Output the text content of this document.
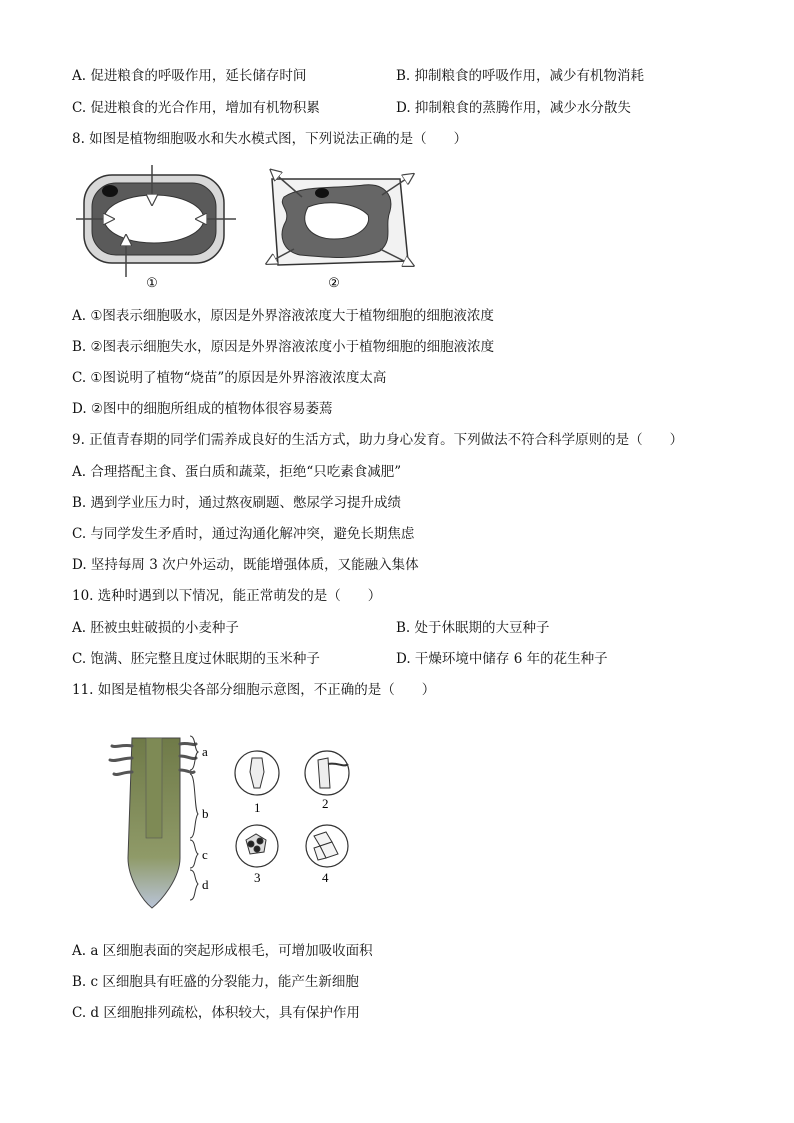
A. 促进粮食的呼吸作用，延长储存时间	B. 抑制粮食的呼吸作用，减少有机物消耗
C. 促进粮食的光合作用，增加有机物积累	D. 抑制粮食的蒸腾作用，减少水分散失
8. 如图是植物细胞吸水和失水模式图，下列说法正确的是（　　）
①	②
A. ①图表示细胞吸水，原因是外界溶液浓度大于植物细胞的细胞液浓度
B. ②图表示细胞失水，原因是外界溶液浓度小于植物细胞的细胞液浓度
C. ①图说明了植物“烧苗”的原因是外界溶液浓度太高
D. ②图中的细胞所组成的植物体很容易萎蔫
9. 正值青春期的同学们需养成良好的生活方式，助力身心发育。下列做法不符合科学原则的是（　　）
A. 合理搭配主食、蛋白质和蔬菜，拒绝“只吃素食减肥”
B. 遇到学业压力时，通过熬夜刷题、憋尿学习提升成绩
C. 与同学发生矛盾时，通过沟通化解冲突，避免长期焦虑
D. 坚持每周 3 次户外运动，既能增强体质，又能融入集体
10. 选种时遇到以下情况，能正常萌发的是（　　）
A. 胚被虫蛀破损的小麦种子	B. 处于休眠期的大豆种子
C. 饱满、胚完整且度过休眠期的玉米种子	D. 干燥环境中储存 6 年的花生种子
11. 如图是植物根尖各部分细胞示意图，不正确的是（　　）
a
b
c
d
1	2
3	4
A. a 区细胞表面的突起形成根毛，可增加吸收面积
B. c 区细胞具有旺盛的分裂能力，能产生新细胞
C. d 区细胞排列疏松，体积较大，具有保护作用
